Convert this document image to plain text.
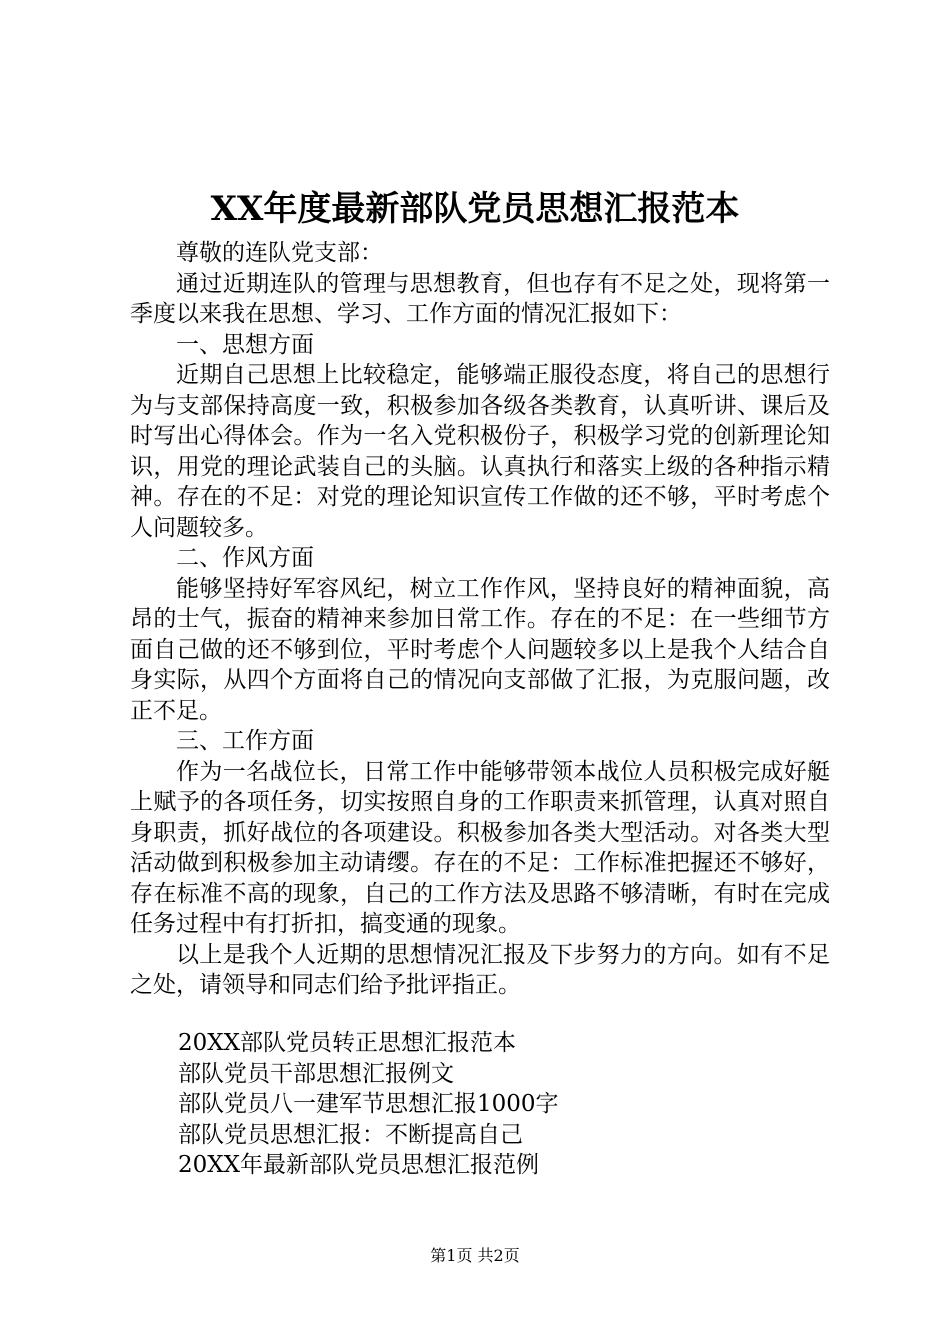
XX年度最新部队党员思想汇报范本

尊敬的连队党支部：

通过近期连队的管理与思想教育，但也存有不足之处，现将第一季度以来我在思想、学习、工作方面的情况汇报如下：

一、思想方面

近期自己思想上比较稳定，能够端正服役态度，将自己的思想行为与支部保持高度一致，积极参加各级各类教育，认真听讲、课后及时写出心得体会。作为一名入党积极份子，积极学习党的创新理论知识，用党的理论武装自己的头脑。认真执行和落实上级的各种指示精神。存在的不足：对党的理论知识宣传工作做的还不够，平时考虑个人问题较多。

二、作风方面

能够坚持好军容风纪，树立工作作风，坚持良好的精神面貌，高昂的士气，振奋的精神来参加日常工作。存在的不足：在一些细节方面自己做的还不够到位，平时考虑个人问题较多以上是我个人结合自身实际，从四个方面将自己的情况向支部做了汇报，为克服问题，改正不足。

三、工作方面

作为一名战位长，日常工作中能够带领本战位人员积极完成好艇上赋予的各项任务，切实按照自身的工作职责来抓管理，认真对照自身职责，抓好战位的各项建设。积极参加各类大型活动。对各类大型活动做到积极参加主动请缨。存在的不足：工作标准把握还不够好，存在标准不高的现象，自己的工作方法及思路不够清晰，有时在完成任务过程中有打折扣，搞变通的现象。

以上是我个人近期的思想情况汇报及下步努力的方向。如有不足之处，请领导和同志们给予批评指正。

20XX部队党员转正思想汇报范本
部队党员干部思想汇报例文
部队党员八一建军节思想汇报1000字
部队党员思想汇报：不断提高自己
20XX年最新部队党员思想汇报范例
第1页 共2页
